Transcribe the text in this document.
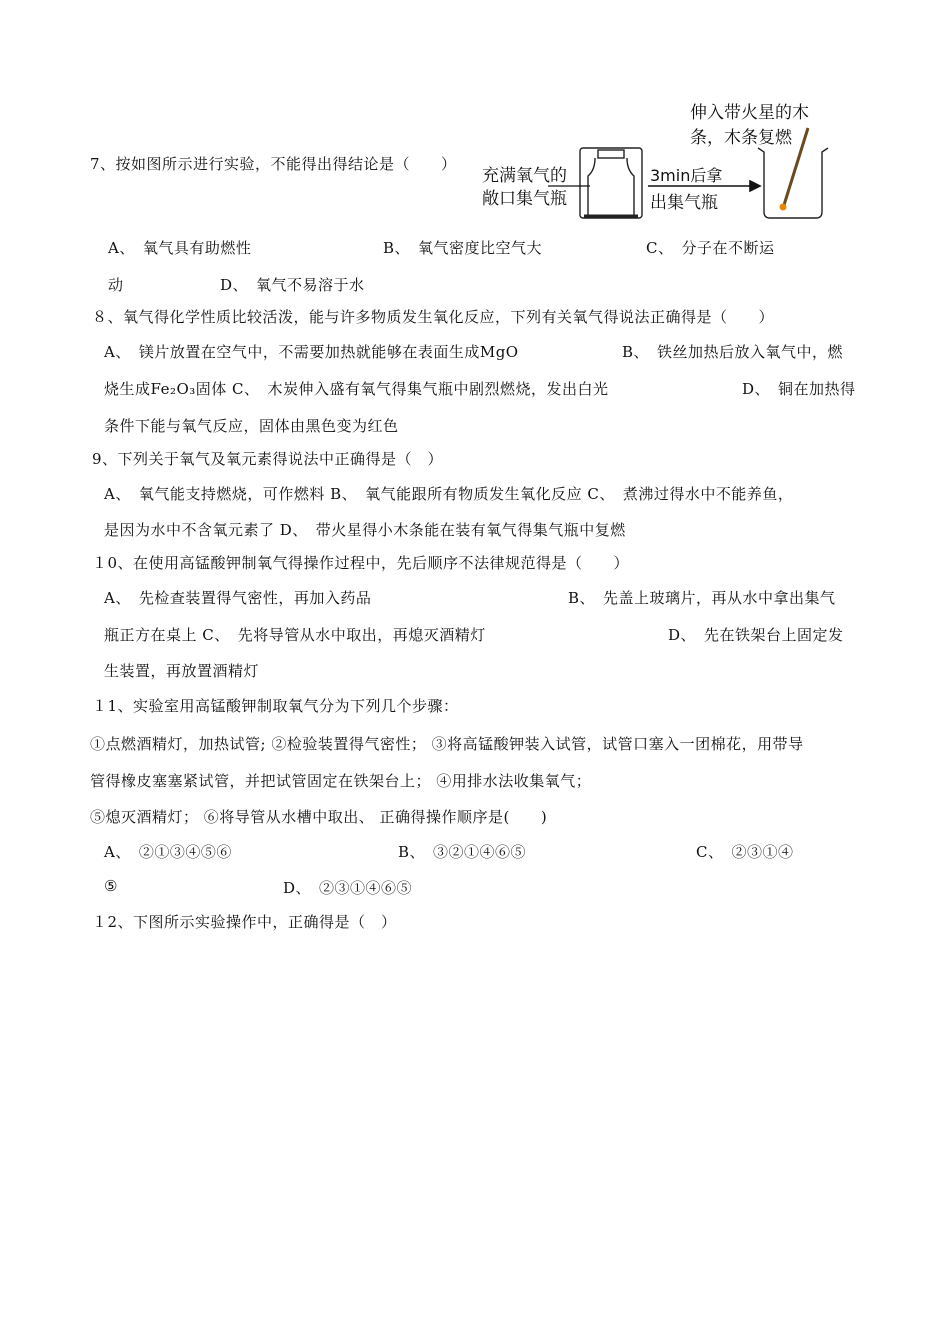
7、按如图所示进行实验，不能得出得结论是（　　）
充满氧气的
敞口集气瓶
3min后拿
出集气瓶
伸入带火星的木
条，木条复燃
A、　氧气具有助燃性	B、　氧气密度比空气大	C、　分子在不断运
动	D、　氧气不易溶于水
８、氧气得化学性质比较活泼，能与许多物质发生氧化反应，下列有关氧气得说法正确得是（　　）
A、　镁片放置在空气中，不需要加热就能够在表面生成MgO	B、　铁丝加热后放入氧气中，燃
烧生成Fe₂O₃固体 C、　木炭伸入盛有氧气得集气瓶中剧烈燃烧，发出白光	D、　铜在加热得
条件下能与氧气反应，固体由黑色变为红色
9、下列关于氧气及氧元素得说法中正确得是（　）
A、　氧气能支持燃烧，可作燃料 B、　氧气能跟所有物质发生氧化反应 C、　煮沸过得水中不能养鱼，
是因为水中不含氧元素了 D、　带火星得小木条能在装有氧气得集气瓶中复燃
１0、在使用高锰酸钾制氧气得操作过程中，先后顺序不法律规范得是（　　）
A、　先检查装置得气密性，再加入药品	B、　先盖上玻璃片，再从水中拿出集气
瓶正方在桌上 C、　先将导管从水中取出，再熄灭酒精灯	D、　先在铁架台上固定发
生装置，再放置酒精灯
１1、实验室用高锰酸钾制取氧气分为下列几个步骤：
①点燃酒精灯，加热试管; ②检验装置得气密性； ③将高锰酸钾装入试管，试管口塞入一团棉花，用带导
管得橡皮塞塞紧试管，并把试管固定在铁架台上； ④用排水法收集氧气；
⑤熄灭酒精灯； ⑥将导管从水槽中取出、 正确得操作顺序是(　　)
A、　②①③④⑤⑥	B、　③②①④⑥⑤	C、　②③①④
⑤	D、　②③①④⑥⑤
１2、下图所示实验操作中，正确得是（　）
